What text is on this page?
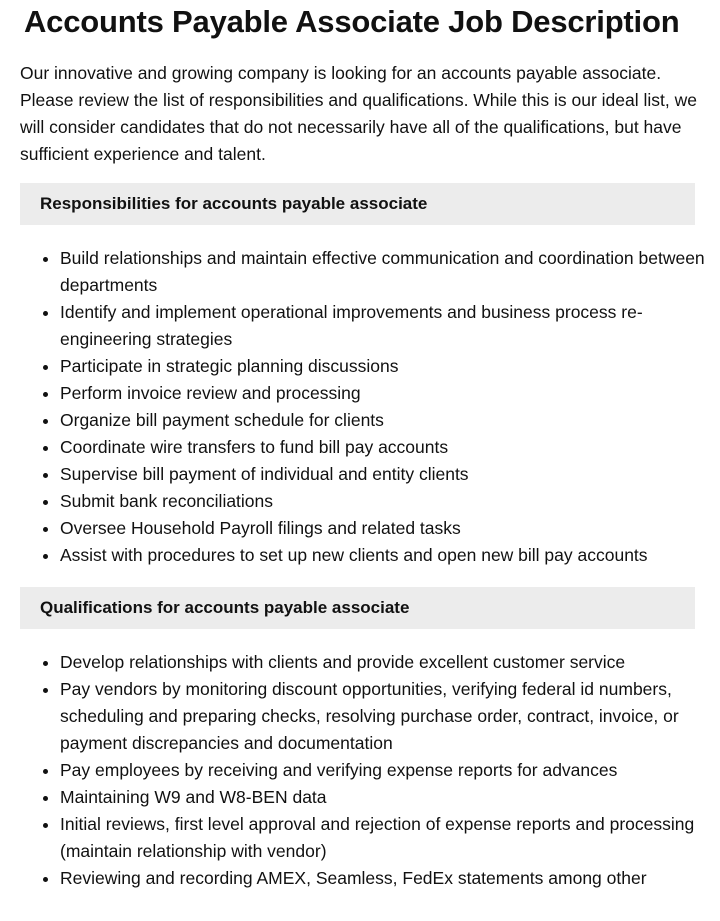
Accounts Payable Associate Job Description

Our innovative and growing company is looking for an accounts payable associate. Please review the list of responsibilities and qualifications. While this is our ideal list, we will consider candidates that do not necessarily have all of the qualifications, but have sufficient experience and talent.

Responsibilities for accounts payable associate
• Build relationships and maintain effective communication and coordination between departments
• Identify and implement operational improvements and business process re-engineering strategies
• Participate in strategic planning discussions
• Perform invoice review and processing
• Organize bill payment schedule for clients
• Coordinate wire transfers to fund bill pay accounts
• Supervise bill payment of individual and entity clients
• Submit bank reconciliations
• Oversee Household Payroll filings and related tasks
• Assist with procedures to set up new clients and open new bill pay accounts
Qualifications for accounts payable associate
• Develop relationships with clients and provide excellent customer service
• Pay vendors by monitoring discount opportunities, verifying federal id numbers, scheduling and preparing checks, resolving purchase order, contract, invoice, or payment discrepancies and documentation
• Pay employees by receiving and verifying expense reports for advances
• Maintaining W9 and W8-BEN data
• Initial reviews, first level approval and rejection of expense reports and processing (maintain relationship with vendor)
• Reviewing and recording AMEX, Seamless, FedEx statements among other
